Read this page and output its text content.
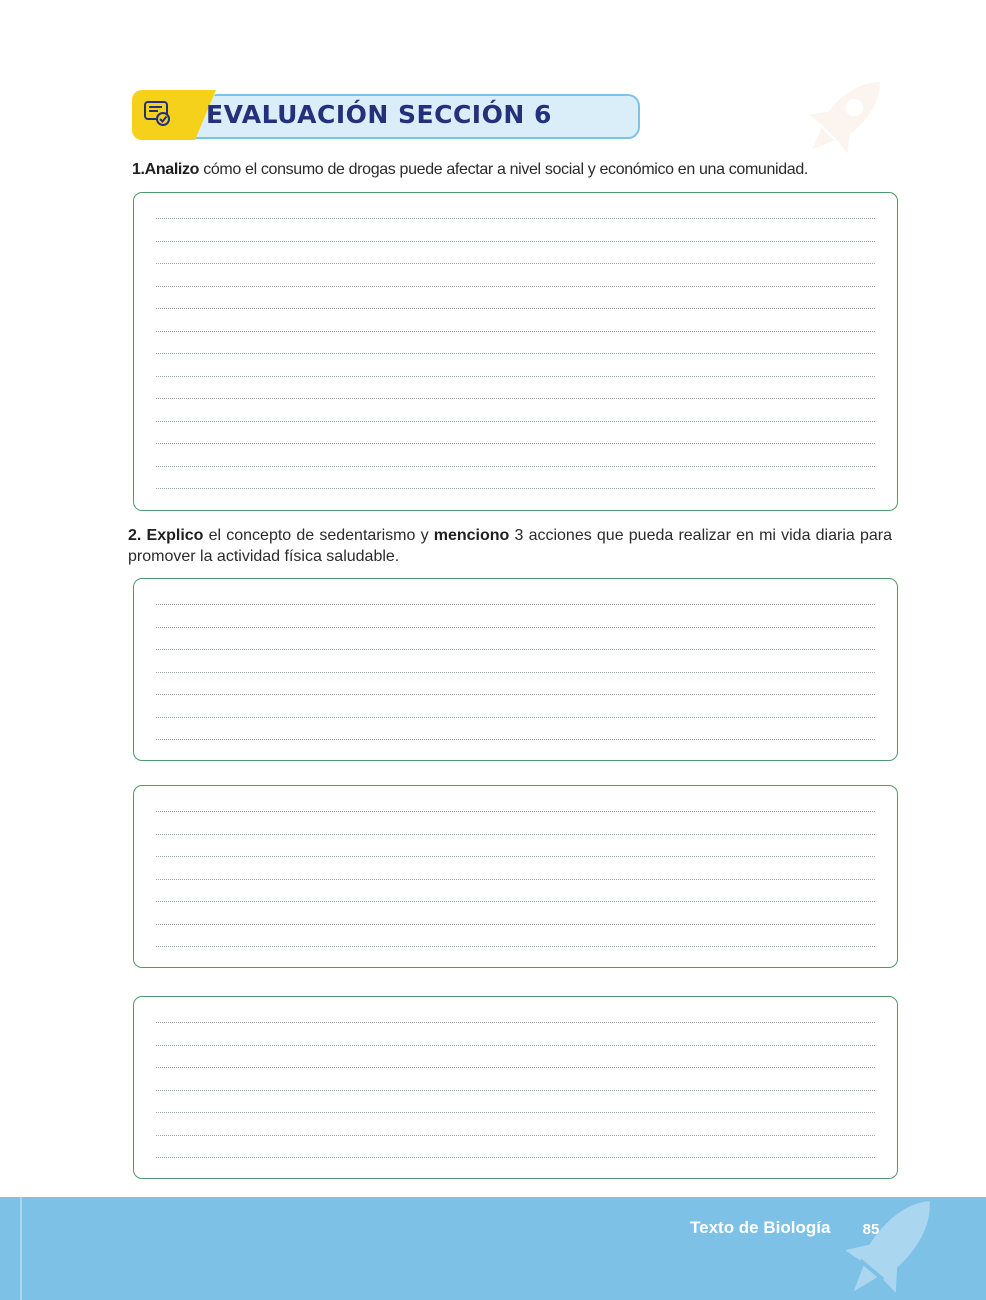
EVALUACIÓN SECCIÓN 6
1.Analizo cómo el consumo de drogas puede afectar a nivel social y económico en una comunidad.
2. Explico el concepto de sedentarismo y menciono 3 acciones que pueda realizar en mi vida diaria para promover la actividad física saludable.
Texto de Biología	85
